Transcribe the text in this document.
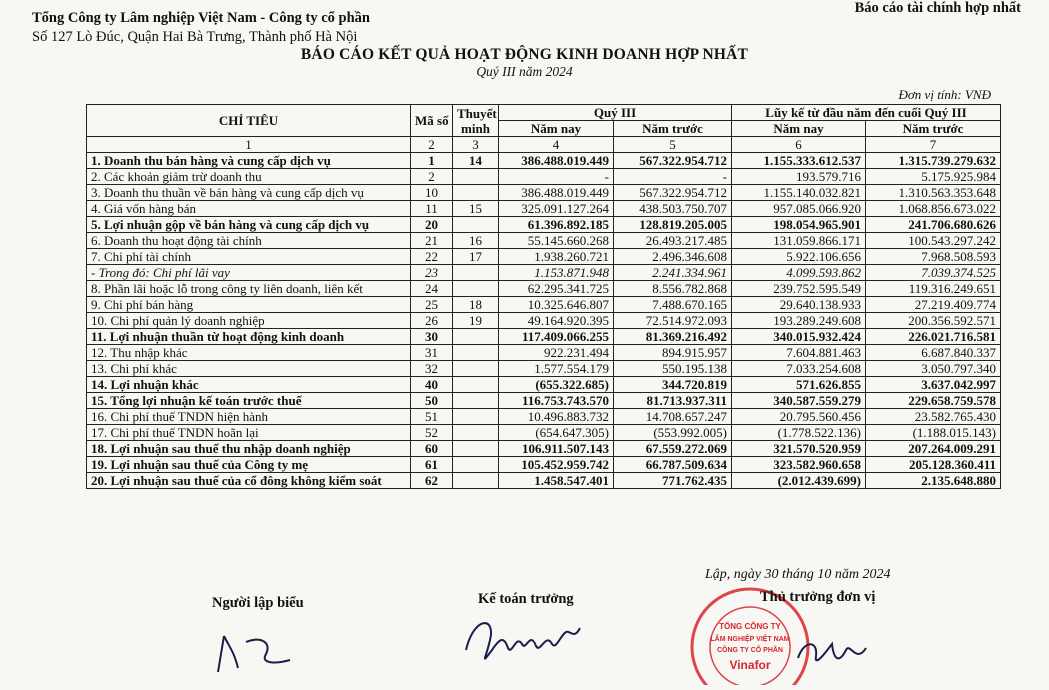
Tổng Công ty Lâm nghiệp Việt Nam - Công ty cổ phần
Số 127 Lò Đúc, Quận Hai Bà Trưng, Thành phố Hà Nội
Báo cáo tài chính hợp nhất
BÁO CÁO KẾT QUẢ HOẠT ĐỘNG KINH DOANH HỢP NHẤT
Quý III năm 2024
Đơn vị tính: VNĐ
CHỈ TIÊU	Mã số	Thuyết minh	Quý III		Lũy kế từ đầu năm đến cuối Quý III	
			Năm nay	Năm trước	Năm nay	Năm trước
1	2	3	4	5	6	7
1. Doanh thu bán hàng và cung cấp dịch vụ	1	14	386.488.019.449	567.322.954.712	1.155.333.612.537	1.315.739.279.632
2. Các khoản giảm trừ doanh thu	2		-	-	193.579.716	5.175.925.984
3. Doanh thu thuần về bán hàng và cung cấp dịch vụ	10		386.488.019.449	567.322.954.712	1.155.140.032.821	1.310.563.353.648
4. Giá vốn hàng bán	11	15	325.091.127.264	438.503.750.707	957.085.066.920	1.068.856.673.022
5. Lợi nhuận gộp về bán hàng và cung cấp dịch vụ	20		61.396.892.185	128.819.205.005	198.054.965.901	241.706.680.626
6. Doanh thu hoạt động tài chính	21	16	55.145.660.268	26.493.217.485	131.059.866.171	100.543.297.242
7. Chi phí tài chính	22	17	1.938.260.721	2.496.346.608	5.922.106.656	7.968.508.593
- Trong đó: Chi phí lãi vay	23		1.153.871.948	2.241.334.961	4.099.593.862	7.039.374.525
8. Phần lãi hoặc lỗ trong công ty liên doanh, liên kết	24		62.295.341.725	8.556.782.868	239.752.595.549	119.316.249.651
9. Chi phí bán hàng	25	18	10.325.646.807	7.488.670.165	29.640.138.933	27.219.409.774
10. Chi phí quản lý doanh nghiệp	26	19	49.164.920.395	72.514.972.093	193.289.249.608	200.356.592.571
11. Lợi nhuận thuần từ hoạt động kinh doanh	30		117.409.066.255	81.369.216.492	340.015.932.424	226.021.716.581
12. Thu nhập khác	31		922.231.494	894.915.957	7.604.881.463	6.687.840.337
13. Chi phí khác	32		1.577.554.179	550.195.138	7.033.254.608	3.050.797.340
14. Lợi nhuận khác	40		(655.322.685)	344.720.819	571.626.855	3.637.042.997
15. Tổng lợi nhuận kế toán trước thuế	50		116.753.743.570	81.713.937.311	340.587.559.279	229.658.759.578
16. Chi phí thuế TNDN hiện hành	51		10.496.883.732	14.708.657.247	20.795.560.456	23.582.765.430
17. Chi phí thuế TNDN hoãn lại	52		(654.647.305)	(553.992.005)	(1.778.522.136)	(1.188.015.143)
18. Lợi nhuận sau thuế thu nhập doanh nghiệp	60		106.911.507.143	67.559.272.069	321.570.520.959	207.264.009.291
19. Lợi nhuận sau thuế của Công ty mẹ	61		105.452.959.742	66.787.509.634	323.582.960.658	205.128.360.411
20. Lợi nhuận sau thuế của cổ đông không kiểm soát	62		1.458.547.401	771.762.435	(2.012.439.699)	2.135.648.880
Lập, ngày 30 tháng 10 năm 2024
Người lập biểu	Kế toán trưởng
TỔNG CÔNG TY
LÂM NGHIỆP VIỆT NAM
CÔNG TY CỔ PHẦN
Vinafor
Thủ trưởng đơn vị
